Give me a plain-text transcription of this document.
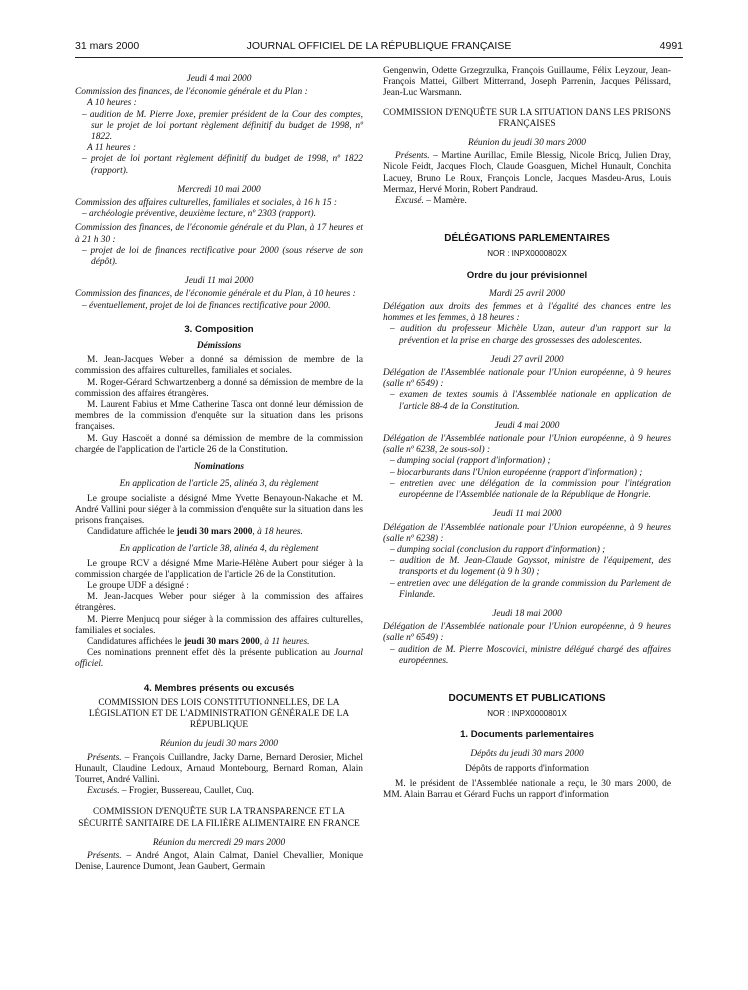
31 mars 2000	JOURNAL OFFICIEL DE LA RÉPUBLIQUE FRANÇAISE	4991

Jeudi 4 mai 2000

Commission des finances, de l'économie générale et du Plan :

A 10 heures :

– audition de M. Pierre Joxe, premier président de la Cour des comptes, sur le projet de loi portant règlement définitif du budget de 1998, nº 1822.

A 11 heures :

– projet de loi portant règlement définitif du budget de 1998, nº 1822 (rapport).

Mercredi 10 mai 2000

Commission des affaires culturelles, familiales et sociales, à 16 h 15 :

– archéologie préventive, deuxième lecture, nº 2303 (rapport).

Commission des finances, de l'économie générale et du Plan, à 17 heures et à 21 h 30 :

– projet de loi de finances rectificative pour 2000 (sous réserve de son dépôt).

Jeudi 11 mai 2000

Commission des finances, de l'économie générale et du Plan, à 10 heures :

– éventuellement, projet de loi de finances rectificative pour 2000.

3. Composition

Démissions

M. Jean-Jacques Weber a donné sa démission de membre de la commission des affaires culturelles, familiales et sociales.

M. Roger-Gérard Schwartzenberg a donné sa démission de membre de la commission des affaires étrangères.

M. Laurent Fabius et Mme Catherine Tasca ont donné leur démission de membres de la commission d'enquête sur la situation dans les prisons françaises.

M. Guy Hascoët a donné sa démission de membre de la commission chargée de l'application de l'article 26 de la Constitution.

Nominations

En application de l'article 25, alinéa 3, du règlement

Le groupe socialiste a désigné Mme Yvette Benayoun-Nakache et M. André Vallini pour siéger à la commission d'enquête sur la situation dans les prisons françaises.

Candidature affichée le jeudi 30 mars 2000, à 18 heures.

En application de l'article 38, alinéa 4, du règlement

Le groupe RCV a désigné Mme Marie-Hélène Aubert pour siéger à la commission chargée de l'application de l'article 26 de la Constitution.

Le groupe UDF a désigné :

M. Jean-Jacques Weber pour siéger à la commission des affaires étrangères.

M. Pierre Menjucq pour siéger à la commission des affaires culturelles, familiales et sociales.

Candidatures affichées le jeudi 30 mars 2000, à 11 heures.

Ces nominations prennent effet dès la présente publication au Journal officiel.

4. Membres présents ou excusés

COMMISSION DES LOIS CONSTITUTIONNELLES, DE LA LÉGISLATION ET DE L'ADMINISTRATION GÉNÉRALE DE LA RÉPUBLIQUE

Réunion du jeudi 30 mars 2000

Présents. – François Cuillandre, Jacky Darne, Bernard Derosier, Michel Hunault, Claudine Ledoux, Arnaud Montebourg, Bernard Roman, Alain Tourret, André Vallini.

Excusés. – Frogier, Bussereau, Caullet, Cuq.

COMMISSION D'ENQUÊTE SUR LA TRANSPARENCE ET LA SÉCURITÉ SANITAIRE DE LA FILIÈRE ALIMENTAIRE EN FRANCE

Réunion du mercredi 29 mars 2000

Présents. – André Angot, Alain Calmat, Daniel Chevallier, Monique Denise, Laurence Dumont, Jean Gaubert, Germain

Gengenwin, Odette Grzegrzulka, François Guillaume, Félix Leyzour, Jean-François Mattei, Gilbert Mitterrand, Joseph Parrenin, Jacques Pélissard, Jean-Luc Warsmann.

COMMISSION D'ENQUÊTE SUR LA SITUATION DANS LES PRISONS FRANÇAISES

Réunion du jeudi 30 mars 2000

Présents. – Martine Aurillac, Emile Blessig, Nicole Bricq, Julien Dray, Nicole Feidt, Jacques Floch, Claude Goasguen, Michel Hunault, Conchita Lacuey, Bruno Le Roux, François Loncle, Jacques Masdeu-Arus, Louis Mermaz, Hervé Morin, Robert Pandraud.

Excusé. – Mamère.

DÉLÉGATIONS PARLEMENTAIRES

NOR : INPX0000802X

Ordre du jour prévisionnel

Mardi 25 avril 2000

Délégation aux droits des femmes et à l'égalité des chances entre les hommes et les femmes, à 18 heures :

– audition du professeur Michèle Uzan, auteur d'un rapport sur la prévention et la prise en charge des grossesses des adolescentes.

Jeudi 27 avril 2000

Délégation de l'Assemblée nationale pour l'Union européenne, à 9 heures (salle nº 6549) :

– examen de textes soumis à l'Assemblée nationale en application de l'article 88-4 de la Constitution.

Jeudi 4 mai 2000

Délégation de l'Assemblée nationale pour l'Union européenne, à 9 heures (salle nº 6238, 2e sous-sol) :

– dumping social (rapport d'information) ;

– biocarburants dans l'Union européenne (rapport d'information) ;

– entretien avec une délégation de la commission pour l'intégration européenne de l'Assemblée nationale de la République de Hongrie.

Jeudi 11 mai 2000

Délégation de l'Assemblée nationale pour l'Union européenne, à 9 heures (salle nº 6238) :

– dumping social (conclusion du rapport d'information) ;

– audition de M. Jean-Claude Gayssot, ministre de l'équipement, des transports et du logement (à 9 h 30) ;

– entretien avec une délégation de la grande commission du Parlement de Finlande.

Jeudi 18 mai 2000

Délégation de l'Assemblée nationale pour l'Union européenne, à 9 heures (salle nº 6549) :

– audition de M. Pierre Moscovici, ministre délégué chargé des affaires européennes.

DOCUMENTS ET PUBLICATIONS

NOR : INPX0000801X

1. Documents parlementaires

Dépôts du jeudi 30 mars 2000

Dépôts de rapports d'information

M. le président de l'Assemblée nationale a reçu, le 30 mars 2000, de MM. Alain Barrau et Gérard Fuchs un rapport d'information
